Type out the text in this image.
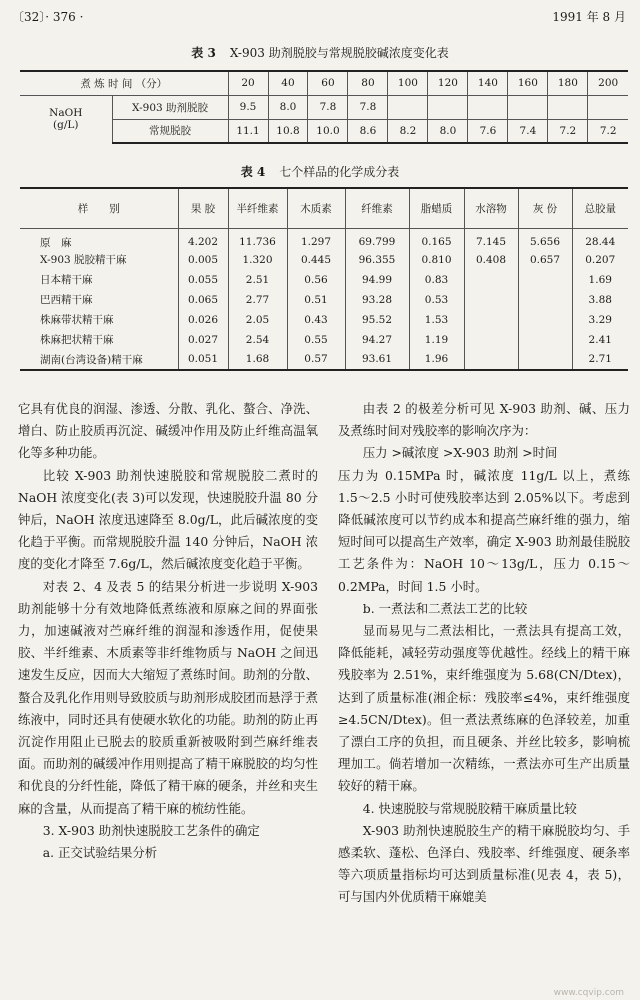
〔32〕· 376 ·	1991 年 8 月
表 3 X-903 助剂脱胶与常规脱胶碱浓度变化表
煮 炼 时 间 （分）		20	40	60	80	100	120	140	160	180	200
NaOH
(g/L)	X-903 助剂脱胶	9.5	8.0	7.8	7.8						
	常规脱胶	11.1	10.8	10.0	8.6	8.2	8.0	7.6	7.4	7.2	7.2
表 4 七个样品的化学成分表
样　　别	果 胶	半纤维素	木质素	纤维素	脂蜡质	水溶物	灰 份	总胶量
原　麻	4.202	11.736	1.297	69.799	0.165	7.145	5.656	28.44
X-903 脱胶精干麻	0.005	1.320	0.445	96.355	0.810	0.408	0.657	0.207
日本精干麻	0.055	2.51	0.56	94.99	0.83			1.69
巴西精干麻	0.065	2.77	0.51	93.28	0.53			3.88
株麻带状精干麻	0.026	2.05	0.43	95.52	1.53			3.29
株麻把状精干麻	0.027	2.54	0.55	94.27	1.19			2.41
湖南(台湾设备)精干麻	0.051	1.68	0.57	93.61	1.96			2.71

它具有优良的润湿、渗透、分散、乳化、螯合、净洗、增白、防止胶质再沉淀、碱缓冲作用及防止纤维高温氧化等多种功能。

比较 X-903 助剂快速脱胶和常规脱胶二煮时的 NaOH 浓度变化(表 3)可以发现，快速脱胶升温 80 分钟后，NaOH 浓度迅速降至 8.0g/L，此后碱浓度的变化趋于平衡。而常规脱胶升温 140 分钟后，NaOH 浓度的变化才降至 7.6g/L，然后碱浓度变化趋于平衡。

对表 2、4 及表 5 的结果分析进一步说明 X-903 助剂能够十分有效地降低煮练液和原麻之间的界面张力，加速碱液对苎麻纤维的润湿和渗透作用，促使果胶、半纤维素、木质素等非纤维物质与 NaOH 之间迅速发生反应，因而大大缩短了煮练时间。助剂的分散、螯合及乳化作用则导致胶质与助剂形成胶团而悬浮于煮练液中，同时还具有使硬水软化的功能。助剂的防止再沉淀作用阻止已脱去的胶质重新被吸附到苎麻纤维表面。而助剂的碱缓冲作用则提高了精干麻脱胶的均匀性和优良的分纤性能，降低了精干麻的硬条，并丝和夹生麻的含量，从而提高了精干麻的梳纺性能。

3. X-903 助剂快速脱胶工艺条件的确定

a. 正交试验结果分析

由表 2 的极差分析可见 X-903 助剂、碱、压力及煮练时间对残胶率的影响次序为：

压力 >碱浓度 >X-903 助剂 >时间

压力为 0.15MPa 时，碱浓度 11g/L 以上，煮练 1.5～2.5 小时可使残胶率达到 2.05%以下。考虑到降低碱浓度可以节约成本和提高苎麻纤维的强力，缩短时间可以提高生产效率，确定 X-903 助剂最佳脱胶工艺条件为：NaOH 10～13g/L，压力 0.15～0.2MPa，时间 1.5 小时。

b. 一煮法和二煮法工艺的比较

显而易见与二煮法相比，一煮法具有提高工效，降低能耗，减轻劳动强度等优越性。经线上的精干麻残胶率为 2.51%，束纤维强度为 5.68(CN/Dtex)，达到了质量标准(湘企标：残胶率≤4%，束纤维强度≥4.5CN/Dtex)。但一煮法煮练麻的色泽较差，加重了漂白工序的负担，而且硬条、并丝比较多，影响梳理加工。倘若增加一次精练，一煮法亦可生产出质量较好的精干麻。

4. 快速脱胶与常规脱胶精干麻质量比较

X-903 助剂快速脱胶生产的精干麻脱胶均匀、手感柔软、蓬松、色泽白、残胶率、纤维强度、硬条率等六项质量指标均可达到质量标准(见表 4，表 5)，可与国内外优质精干麻媲美

www.cqvip.com
